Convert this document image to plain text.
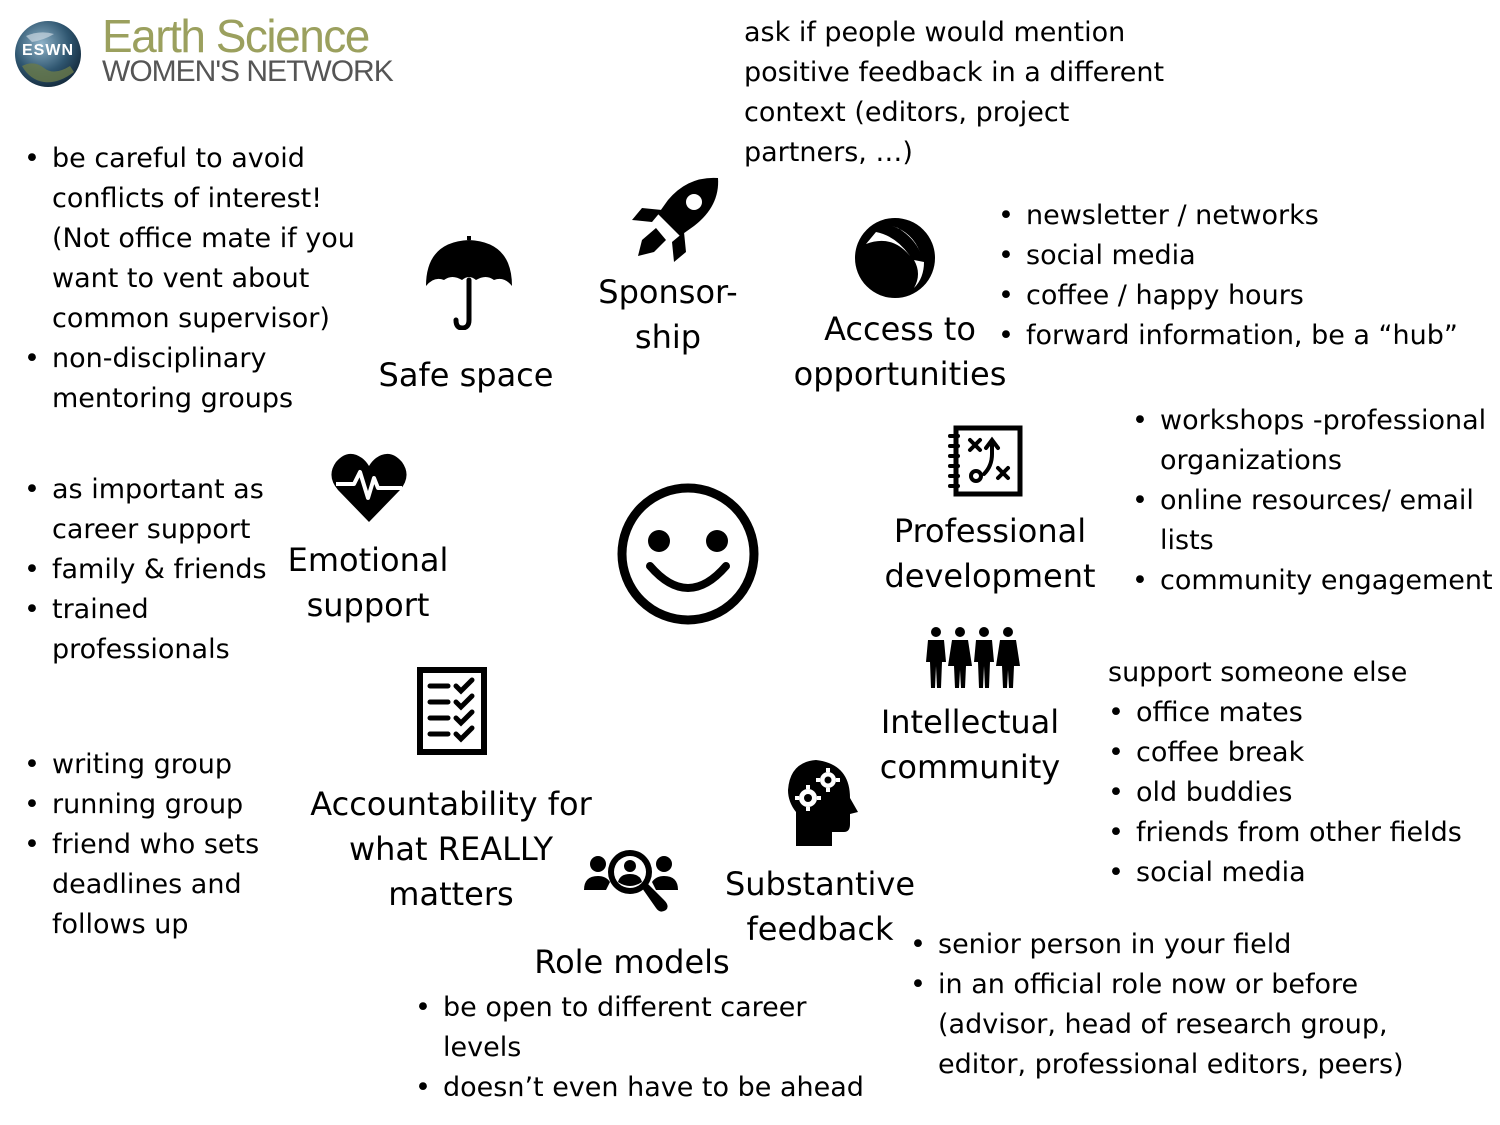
ESWN Earth Science
WOMEN'S NETWORK
Safe space
• be careful to avoid
conflicts of interest!
(Not office mate if you
want to vent about
common supervisor)
• non-disciplinary
mentoring groups
Sponsor-
ship
ask if people would mention
positive feedback in a different
context (editors, project
partners, …)
Access to
opportunities
• newsletter / networks
• social media
• coffee / happy hours
• forward information, be a “hub”
Professional
development
• workshops -professional
organizations
• online resources/ email
lists
• community engagement
Intellectual
community
support someone else
• office mates
• coffee break
• old buddies
• friends from other fields
• social media
Substantive
feedback
•	senior person in your field
• in an official role now or before
(advisor, head of research group,
editor, professional editors, peers)
Role models
• be open to different career
levels
• doesn’t even have to be ahead
Accountability for
what REALLY
matters
• writing group
• running group
• friend who sets
deadlines and
follows up
Emotional
support
• as important as
career support
• family & friends
• trained
professionals
